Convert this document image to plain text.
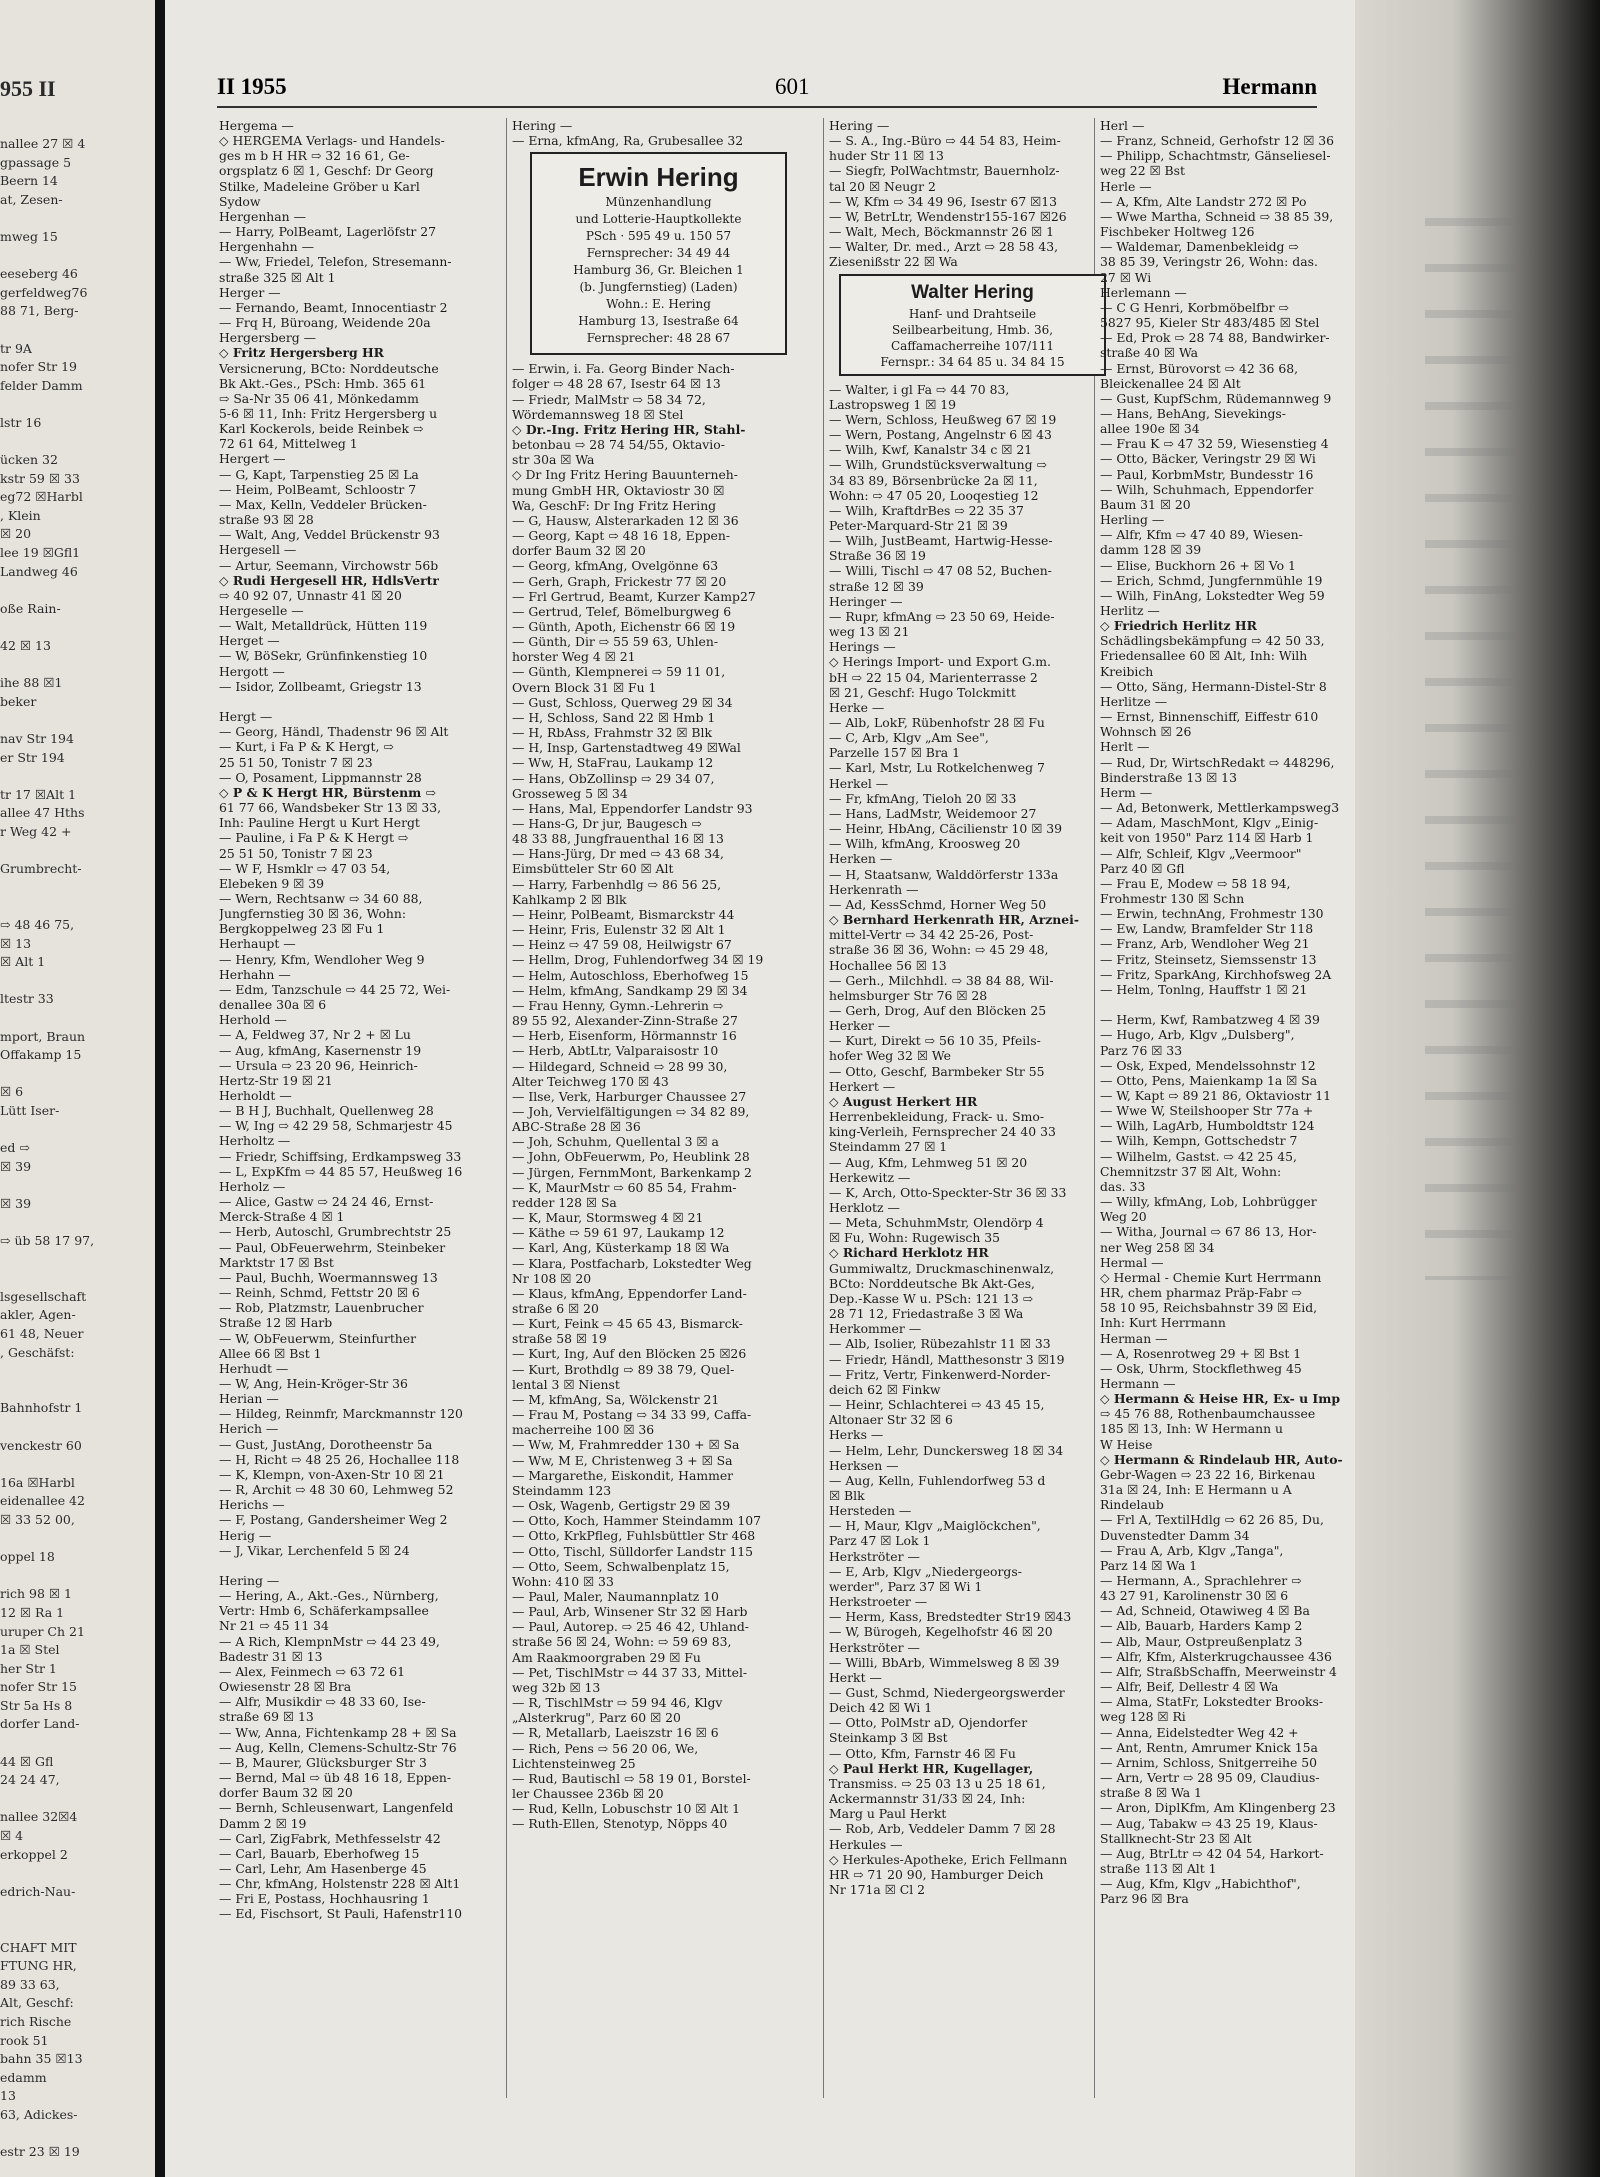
955 II
nallee 27 ☒ 4
gpassage 5
Beern 14
at, Zesen-

mweg 15

eeseberg 46
gerfeldweg76
88 71, Berg-

tr 9A
nofer Str 19
felder Damm

lstr 16

ücken 32
kstr 59 ☒ 33
eg72 ☒Harbl
, Klein
☒ 20
lee 19 ☒Gfl1
Landweg 46

oße Rain-

42 ☒ 13

ihe 88 ☒1
beker

nav Str 194
er Str 194

tr 17 ☒Alt 1
allee 47 Hths
r Weg 42 +

Grumbrecht-

⇨ 48 46 75,
☒ 13
☒ Alt 1

ltestr 33

mport, Braun
Offakamp 15

☒ 6
Lütt Iser-

ed ⇨
☒ 39

☒ 39

⇨ üb 58 17 97,

lsgesellschaft
akler, Agen-
61 48, Neuer
, Geschäfst:

Bahnhofstr 1

venckestr 60

16a ☒Harbl
eidenallee 42
☒ 33 52 00,

oppel 18

rich 98 ☒ 1
12 ☒ Ra 1
uruper Ch 21
1a ☒ Stel
her Str 1
nofer Str 15
Str 5a Hs 8
dorfer Land-

44 ☒ Gfl
24 24 47,

nallee 32☒4
☒ 4
erkoppel 2

edrich-Nau-

CHAFT MIT
FTUNG HR,
89 33 63,
Alt, Geschf:
rich Rische
rook 51
bahn 35 ☒13
edamm
13
63, Adickes-

estr 23 ☒ 19
II 1955	601	Hermann
Hergema —
◇ HERGEMA Verlags- und Handels-
ges m b H HR ⇨ 32 16 61, Ge-
orgsplatz 6 ☒ 1, Geschf: Dr Georg
Stilke, Madeleine Gröber u Karl
Sydow
Hergenhan —
— Harry, PolBeamt, Lagerlöfstr 27
Hergenhahn —
— Ww, Friedel, Telefon, Stresemann-
straße 325 ☒ Alt 1
Herger —
— Fernando, Beamt, Innocentiastr 2
— Frq H, Büroang, Weidende 20a
Hergersberg —
◇ Fritz Hergersberg HR
Versicnerung, BCto: Norddeutsche
Bk Akt.-Ges., PSch: Hmb. 365 61
⇨ Sa-Nr 35 06 41, Mönkedamm
5-6 ☒ 11, Inh: Fritz Hergersberg u
Karl Kockerols, beide Reinbek ⇨
72 61 64, Mittelweg 1
Hergert —
— G, Kapt, Tarpenstieg 25 ☒ La
— Heim, PolBeamt, Schloostr 7
— Max, Kelln, Veddeler Brücken-
straße 93 ☒ 28
— Walt, Ang, Veddel Brückenstr 93
Hergesell —
— Artur, Seemann, Virchowstr 56b
◇ Rudi Hergesell HR, HdlsVertr
⇨ 40 92 07, Unnastr 41 ☒ 20
Hergeselle —
— Walt, Metalldrück, Hütten 119
Herget —
— W, BöSekr, Grünfinkenstieg 10
Hergott —
— Isidor, Zollbeamt, Griegstr 13

Hergt —
— Georg, Händl, Thadenstr 96 ☒ Alt
— Kurt, i Fa P & K Hergt, ⇨
25 51 50, Tonistr 7 ☒ 23
— O, Posament, Lippmannstr 28
◇ P & K Hergt HR, Bürstenm ⇨
61 77 66, Wandsbeker Str 13 ☒ 33,
Inh: Pauline Hergt u Kurt Hergt
— Pauline, i Fa P & K Hergt ⇨
25 51 50, Tonistr 7 ☒ 23
— W F, Hsmklr ⇨ 47 03 54,
Elebeken 9 ☒ 39
— Wern, Rechtsanw ⇨ 34 60 88,
Jungfernstieg 30 ☒ 36, Wohn:
Bergkoppelweg 23 ☒ Fu 1
Herhaupt —
— Henry, Kfm, Wendloher Weg 9
Herhahn —
— Edm, Tanzschule ⇨ 44 25 72, Wei-
denallee 30a ☒ 6
Herhold —
— A, Feldweg 37, Nr 2 + ☒ Lu
— Aug, kfmAng, Kasernenstr 19
— Ursula ⇨ 23 20 96, Heinrich-
Hertz-Str 19 ☒ 21
Herholdt —
— B H J, Buchhalt, Quellenweg 28
— W, Ing ⇨ 42 29 58, Schmarjestr 45
Herholtz —
— Friedr, Schiffsing, Erdkampsweg 33
— L, ExpKfm ⇨ 44 85 57, Heußweg 16
Herholz —
— Alice, Gastw ⇨ 24 24 46, Ernst-
Merck-Straße 4 ☒ 1
— Herb, Autoschl, Grumbrechtstr 25
— Paul, ObFeuerwehrm, Steinbeker
Marktstr 17 ☒ Bst
— Paul, Buchh, Woermannsweg 13
— Reinh, Schmd, Fettstr 20 ☒ 6
— Rob, Platzmstr, Lauenbrucher
Straße 12 ☒ Harb
— W, ObFeuerwm, Steinfurther
Allee 66 ☒ Bst 1
Herhudt —
— W, Ang, Hein-Kröger-Str 36
Herian —
— Hildeg, Reinmfr, Marckmannstr 120
Herich —
— Gust, JustAng, Dorotheenstr 5a
— H, Richt ⇨ 48 25 26, Hochallee 118
— K, Klempn, von-Axen-Str 10 ☒ 21
— R, Archit ⇨ 48 30 60, Lehmweg 52
Herichs —
— F, Postang, Gandersheimer Weg 2
Herig —
— J, Vikar, Lerchenfeld 5 ☒ 24

Hering —
— Hering, A., Akt.-Ges., Nürnberg,
Vertr: Hmb 6, Schäferkampsallee
Nr 21 ⇨ 45 11 34
— A Rich, KlempnMstr ⇨ 44 23 49,
Badestr 31 ☒ 13
— Alex, Feinmech ⇨ 63 72 61
Owiesenstr 28 ☒ Bra
— Alfr, Musikdir ⇨ 48 33 60, Ise-
straße 69 ☒ 13
— Ww, Anna, Fichtenkamp 28 + ☒ Sa
— Aug, Kelln, Clemens-Schultz-Str 76
— B, Maurer, Glücksburger Str 3
— Bernd, Mal ⇨ üb 48 16 18, Eppen-
dorfer Baum 32 ☒ 20
— Bernh, Schleusenwart, Langenfeld
Damm 2 ☒ 19
— Carl, ZigFabrk, Methfesselstr 42
— Carl, Bauarb, Eberhofweg 15
— Carl, Lehr, Am Hasenberge 45
— Chr, kfmAng, Holstenstr 228 ☒ Alt1
— Fri E, Postass, Hochhausring 1
— Ed, Fischsort, St Pauli, Hafenstr110
Hering —
— Erna, kfmAng, Ra, Grubesallee 32
Erwin Hering
Münzenhandlung
und Lotterie-Hauptkollekte
PSch · 595 49 u. 150 57
Fernsprecher: 34 49 44
Hamburg 36, Gr. Bleichen 1
(b. Jungfernstieg) (Laden)
Wohn.: E. Hering
Hamburg 13, Isestraße 64
Fernsprecher: 48 28 67
— Erwin, i. Fa. Georg Binder Nach-
folger ⇨ 48 28 67, Isestr 64 ☒ 13
— Friedr, MalMstr ⇨ 58 34 72,
Wördemannsweg 18 ☒ Stel
◇ Dr.-Ing. Fritz Hering HR, Stahl-
betonbau ⇨ 28 74 54/55, Oktavio-
str 30a ☒ Wa
◇ Dr Ing Fritz Hering Bauunterneh-
mung GmbH HR, Oktaviostr 30 ☒
Wa, GeschF: Dr Ing Fritz Hering
— G, Hausw, Alsterarkaden 12 ☒ 36
— Georg, Kapt ⇨ 48 16 18, Eppen-
dorfer Baum 32 ☒ 20
— Georg, kfmAng, Ovelgönne 63
— Gerh, Graph, Frickestr 77 ☒ 20
— Frl Gertrud, Beamt, Kurzer Kamp27
— Gertrud, Telef, Bömelburgweg 6
— Günth, Apoth, Eichenstr 66 ☒ 19
— Günth, Dir ⇨ 55 59 63, Uhlen-
horster Weg 4 ☒ 21
— Günth, Klempnerei ⇨ 59 11 01,
Overn Block 31 ☒ Fu 1
— Gust, Schloss, Querweg 29 ☒ 34
— H, Schloss, Sand 22 ☒ Hmb 1
— H, RbAss, Frahmstr 32 ☒ Blk
— H, Insp, Gartenstadtweg 49 ☒Wal
— Ww, H, StaFrau, Laukamp 12
— Hans, ObZollinsp ⇨ 29 34 07,
Grosseweg 5 ☒ 34
— Hans, Mal, Eppendorfer Landstr 93
— Hans-G, Dr jur, Baugesch ⇨
48 33 88, Jungfrauenthal 16 ☒ 13
— Hans-Jürg, Dr med ⇨ 43 68 34,
Eimsbütteler Str 60 ☒ Alt
— Harry, Farbenhdlg ⇨ 86 56 25,
Kahlkamp 2 ☒ Blk
— Heinr, PolBeamt, Bismarckstr 44
— Heinr, Fris, Eulenstr 32 ☒ Alt 1
— Heinz ⇨ 47 59 08, Heilwigstr 67
— Hellm, Drog, Fuhlendorfweg 34 ☒ 19
— Helm, Autoschloss, Eberhofweg 15
— Helm, kfmAng, Sandkamp 29 ☒ 34
— Frau Henny, Gymn.-Lehrerin ⇨
89 55 92, Alexander-Zinn-Straße 27
— Herb, Eisenform, Hörmannstr 16
— Herb, AbtLtr, Valparaisostr 10
— Hildegard, Schneid ⇨ 28 99 30,
Alter Teichweg 170 ☒ 43
— Ilse, Verk, Harburger Chaussee 27
— Joh, Vervielfältigungen ⇨ 34 82 89,
ABC-Straße 28 ☒ 36
— Joh, Schuhm, Quellental 3 ☒ a
— John, ObFeuerwm, Po, Heublink 28
— Jürgen, FernmMont, Barkenkamp 2
— K, MaurMstr ⇨ 60 85 54, Frahm-
redder 128 ☒ Sa
— K, Maur, Stormsweg 4 ☒ 21
— Käthe ⇨ 59 61 97, Laukamp 12
— Karl, Ang, Küsterkamp 18 ☒ Wa
— Klara, Postfacharb, Lokstedter Weg
Nr 108 ☒ 20
— Klaus, kfmAng, Eppendorfer Land-
straße 6 ☒ 20
— Kurt, Feink ⇨ 45 65 43, Bismarck-
straße 58 ☒ 19
— Kurt, Ing, Auf den Blöcken 25 ☒26
— Kurt, Brothdlg ⇨ 89 38 79, Quel-
lental 3 ☒ Nienst
— M, kfmAng, Sa, Wölckenstr 21
— Frau M, Postang ⇨ 34 33 99, Caffa-
macherreihe 100 ☒ 36
— Ww, M, Frahmredder 130 + ☒ Sa
— Ww, M E, Christenweg 3 + ☒ Sa
— Margarethe, Eiskondit, Hammer
Steindamm 123
— Osk, Wagenb, Gertigstr 29 ☒ 39
— Otto, Koch, Hammer Steindamm 107
— Otto, KrkPfleg, Fuhlsbüttler Str 468
— Otto, Tischl, Sülldorfer Landstr 115
— Otto, Seem, Schwalbenplatz 15,
Wohn: 410 ☒ 33
— Paul, Maler, Naumannplatz 10
— Paul, Arb, Winsener Str 32 ☒ Harb
— Paul, Autorep. ⇨ 25 46 42, Uhland-
straße 56 ☒ 24, Wohn: ⇨ 59 69 83,
Am Raakmoorgraben 29 ☒ Fu
— Pet, TischlMstr ⇨ 44 37 33, Mittel-
weg 32b ☒ 13
— R, TischlMstr ⇨ 59 94 46, Klgv
„Alsterkrug", Parz 60 ☒ 20
— R, Metallarb, Laeiszstr 16 ☒ 6
— Rich, Pens ⇨ 56 20 06, We,
Lichtensteinweg 25
— Rud, Bautischl ⇨ 58 19 01, Borstel-
ler Chaussee 236b ☒ 20
— Rud, Kelln, Lobuschstr 10 ☒ Alt 1
— Ruth-Ellen, Stenotyp, Nöpps 40
Hering —
— S. A., Ing.-Büro ⇨ 44 54 83, Heim-
huder Str 11 ☒ 13
— Siegfr, PolWachtmstr, Bauernholz-
tal 20 ☒ Neugr 2
— W, Kfm ⇨ 34 49 96, Isestr 67 ☒13
— W, BetrLtr, Wendenstr155-167 ☒26
— Walt, Mech, Böckmannstr 26 ☒ 1
— Walter, Dr. med., Arzt ⇨ 28 58 43,
Ziesenißstr 22 ☒ Wa
Walter Hering
Hanf- und Drahtseile
Seilbearbeitung, Hmb. 36,
Caffamacherreihe 107/111
Fernspr.: 34 64 85 u. 34 84 15
— Walter, i gl Fa ⇨ 44 70 83,
Lastropsweg 1 ☒ 19
— Wern, Schloss, Heußweg 67 ☒ 19
— Wern, Postang, Angelnstr 6 ☒ 43
— Wilh, Kwf, Kanalstr 34 c ☒ 21
— Wilh, Grundstücksverwaltung ⇨
34 83 89, Börsenbrücke 2a ☒ 11,
Wohn: ⇨ 47 05 20, Looqestieg 12
— Wilh, KraftdrBes ⇨ 22 35 37
Peter-Marquard-Str 21 ☒ 39
— Wilh, JustBeamt, Hartwig-Hesse-
Straße 36 ☒ 19
— Willi, Tischl ⇨ 47 08 52, Buchen-
straße 12 ☒ 39
Heringer —
— Rupr, kfmAng ⇨ 23 50 69, Heide-
weg 13 ☒ 21
Herings —
◇ Herings Import- und Export G.m.
bH ⇨ 22 15 04, Marienterrasse 2
☒ 21, Geschf: Hugo Tolckmitt
Herke —
— Alb, LokF, Rübenhofstr 28 ☒ Fu
— C, Arb, Klgv „Am See",
Parzelle 157 ☒ Bra 1
— Karl, Mstr, Lu Rotkelchenweg 7
Herkel —
— Fr, kfmAng, Tieloh 20 ☒ 33
— Hans, LadMstr, Weidemoor 27
— Heinr, HbAng, Cäcilienstr 10 ☒ 39
— Wilh, kfmAng, Kroosweg 20
Herken —
— H, Staatsanw, Walddörferstr 133a
Herkenrath —
— Ad, KessSchmd, Horner Weg 50
◇ Bernhard Herkenrath HR, Arznei-
mittel-Vertr ⇨ 34 42 25-26, Post-
straße 36 ☒ 36, Wohn: ⇨ 45 29 48,
Hochallee 56 ☒ 13
— Gerh., Milchhdl. ⇨ 38 84 88, Wil-
helmsburger Str 76 ☒ 28
— Gerh, Drog, Auf den Blöcken 25
Herker —
— Kurt, Direkt ⇨ 56 10 35, Pfeils-
hofer Weg 32 ☒ We
— Otto, Geschf, Barmbeker Str 55
Herkert —
◇ August Herkert HR
Herrenbekleidung, Frack- u. Smo-
king-Verleih, Fernsprecher 24 40 33
Steindamm 27 ☒ 1
— Aug, Kfm, Lehmweg 51 ☒ 20
Herkewitz —
— K, Arch, Otto-Speckter-Str 36 ☒ 33
Herklotz —
— Meta, SchuhmMstr, Olendörp 4
☒ Fu, Wohn: Rugewisch 35
◇ Richard Herklotz HR
Gummiwaltz, Druckmaschinenwalz,
BCto: Norddeutsche Bk Akt-Ges,
Dep.-Kasse W u. PSch: 121 13 ⇨
28 71 12, Friedastraße 3 ☒ Wa
Herkommer —
— Alb, Isolier, Rübezahlstr 11 ☒ 33
— Friedr, Händl, Matthesonstr 3 ☒19
— Fritz, Vertr, Finkenwerd-Norder-
deich 62 ☒ Finkw
— Heinr, Schlachterei ⇨ 43 45 15,
Altonaer Str 32 ☒ 6
Herks —
— Helm, Lehr, Dunckersweg 18 ☒ 34
Herksen —
— Aug, Kelln, Fuhlendorfweg 53 d
☒ Blk
Hersteden —
— H, Maur, Klgv „Maiglöckchen",
Parz 47 ☒ Lok 1
Herkströter —
— E, Arb, Klgv „Niedergeorgs-
werder", Parz 37 ☒ Wi 1
Herkstroeter —
— Herm, Kass, Bredstedter Str19 ☒43
— W, Bürogeh, Kegelhofstr 46 ☒ 20
Herkströter —
— Willi, BbArb, Wimmelsweg 8 ☒ 39
Herkt —
— Gust, Schmd, Niedergeorgswerder
Deich 42 ☒ Wi 1
— Otto, PolMstr aD, Ojendorfer
Steinkamp 3 ☒ Bst
— Otto, Kfm, Farnstr 46 ☒ Fu
◇ Paul Herkt HR, Kugellager,
Transmiss. ⇨ 25 03 13 u 25 18 61,
Ackermannstr 31/33 ☒ 24, Inh:
Marg u Paul Herkt
— Rob, Arb, Veddeler Damm 7 ☒ 28
Herkules —
◇ Herkules-Apotheke, Erich Fellmann
HR ⇨ 71 20 90, Hamburger Deich
Nr 171a ☒ Cl 2
Herl —
— Franz, Schneid, Gerhofstr 12 ☒ 36
— Philipp, Schachtmstr, Gänseliesel-
weg 22 ☒ Bst
Herle —
— A, Kfm, Alte Landstr 272 ☒ Po
— Wwe Martha, Schneid ⇨ 38 85 39,
Fischbeker Holtweg 126
— Waldemar, Damenbekleidg ⇨
38 85 39, Veringstr 26, Wohn: das.
27 ☒ Wi
Herlemann —
— C G Henri, Korbmöbelfbr ⇨
5827 95, Kieler Str 483/485 ☒ Stel
— Ed, Prok ⇨ 28 74 88, Bandwirker-
straße 40 ☒ Wa
— Ernst, Bürovorst ⇨ 42 36 68,
Bleickenallee 24 ☒ Alt
— Gust, KupfSchm, Rüdemannweg 9
— Hans, BehAng, Sievekings-
allee 190e ☒ 34
— Frau K ⇨ 47 32 59, Wiesenstieg 4
— Otto, Bäcker, Veringstr 29 ☒ Wi
— Paul, KorbmMstr, Bundesstr 16
— Wilh, Schuhmach, Eppendorfer
Baum 31 ☒ 20
Herling —
— Alfr, Kfm ⇨ 47 40 89, Wiesen-
damm 128 ☒ 39
— Elise, Buckhorn 26 + ☒ Vo 1
— Erich, Schmd, Jungfernmühle 19
— Wilh, FinAng, Lokstedter Weg 59
Herlitz —
◇ Friedrich Herlitz HR
Schädlingsbekämpfung ⇨ 42 50 33,
Friedensallee 60 ☒ Alt, Inh: Wilh
Kreibich
— Otto, Säng, Hermann-Distel-Str 8
Herlitze —
— Ernst, Binnenschiff, Eiffestr 610
Wohnsch ☒ 26
Herlt —
— Rud, Dr, WirtschRedakt ⇨ 448296,
Binderstraße 13 ☒ 13
Herm —
— Ad, Betonwerk, Mettlerkampsweg3
— Adam, MaschMont, Klgv „Einig-
keit von 1950" Parz 114 ☒ Harb 1
— Alfr, Schleif, Klgv „Veermoor"
Parz 40 ☒ Gfl
— Frau E, Modew ⇨ 58 18 94,
Frohmestr 130 ☒ Schn
— Erwin, technAng, Frohmestr 130
— Ew, Landw, Bramfelder Str 118
— Franz, Arb, Wendloher Weg 21
— Fritz, Steinsetz, Siemssenstr 13
— Fritz, SparkAng, Kirchhofsweg 2A
— Helm, Tonlng, Hauffstr 1 ☒ 21

— Herm, Kwf, Rambatzweg 4 ☒ 39
— Hugo, Arb, Klgv „Dulsberg",
Parz 76 ☒ 33
— Osk, Exped, Mendelssohnstr 12
— Otto, Pens, Maienkamp 1a ☒ Sa
— W, Kapt ⇨ 89 21 86, Oktaviostr 11
— Wwe W, Steilshooper Str 77a +
— Wilh, LagArb, Humboldtstr 124
— Wilh, Kempn, Gottschedstr 7
— Wilhelm, Gastst. ⇨ 42 25 45,
Chemnitzstr 37 ☒ Alt, Wohn:
das. 33
— Willy, kfmAng, Lob, Lohbrügger
Weg 20
— Witha, Journal ⇨ 67 86 13, Hor-
ner Weg 258 ☒ 34
Hermal —
◇ Hermal - Chemie Kurt Herrmann
HR, chem pharmaz Präp-Fabr ⇨
58 10 95, Reichsbahnstr 39 ☒ Eid,
Inh: Kurt Herrmann
Herman —
— A, Rosenrotweg 29 + ☒ Bst 1
— Osk, Uhrm, Stockflethweg 45
Hermann —
◇ Hermann & Heise HR, Ex- u Imp
⇨ 45 76 88, Rothenbaumchaussee
185 ☒ 13, Inh: W Hermann u
W Heise
◇ Hermann & Rindelaub HR, Auto-
Gebr-Wagen ⇨ 23 22 16, Birkenau
31a ☒ 24, Inh: E Hermann u A
Rindelaub
— Frl A, TextilHdlg ⇨ 62 26 85, Du,
Duvenstedter Damm 34
— Frau A, Arb, Klgv „Tanga",
Parz 14 ☒ Wa 1
— Hermann, A., Sprachlehrer ⇨
43 27 91, Karolinenstr 30 ☒ 6
— Ad, Schneid, Otawiweg 4 ☒ Ba
— Alb, Bauarb, Harders Kamp 2
— Alb, Maur, Ostpreußenplatz 3
— Alfr, Kfm, Alsterkrugchaussee 436
— Alfr, StraßbSchaffn, Meerweinstr 4
— Alfr, Beif, Dellestr 4 ☒ Wa
— Alma, StatFr, Lokstedter Brooks-
weg 128 ☒ Ri
— Anna, Eidelstedter Weg 42 +
— Ant, Rentn, Amrumer Knick 15a
— Arnim, Schloss, Snitgerreihe 50
— Arn, Vertr ⇨ 28 95 09, Claudius-
straße 8 ☒ Wa 1
— Aron, DiplKfm, Am Klingenberg 23
— Aug, Tabakw ⇨ 43 25 19, Klaus-
Stallknecht-Str 23 ☒ Alt
— Aug, BtrLtr ⇨ 42 04 54, Harkort-
straße 113 ☒ Alt 1
— Aug, Kfm, Klgv „Habichthof",
Parz 96 ☒ Bra
